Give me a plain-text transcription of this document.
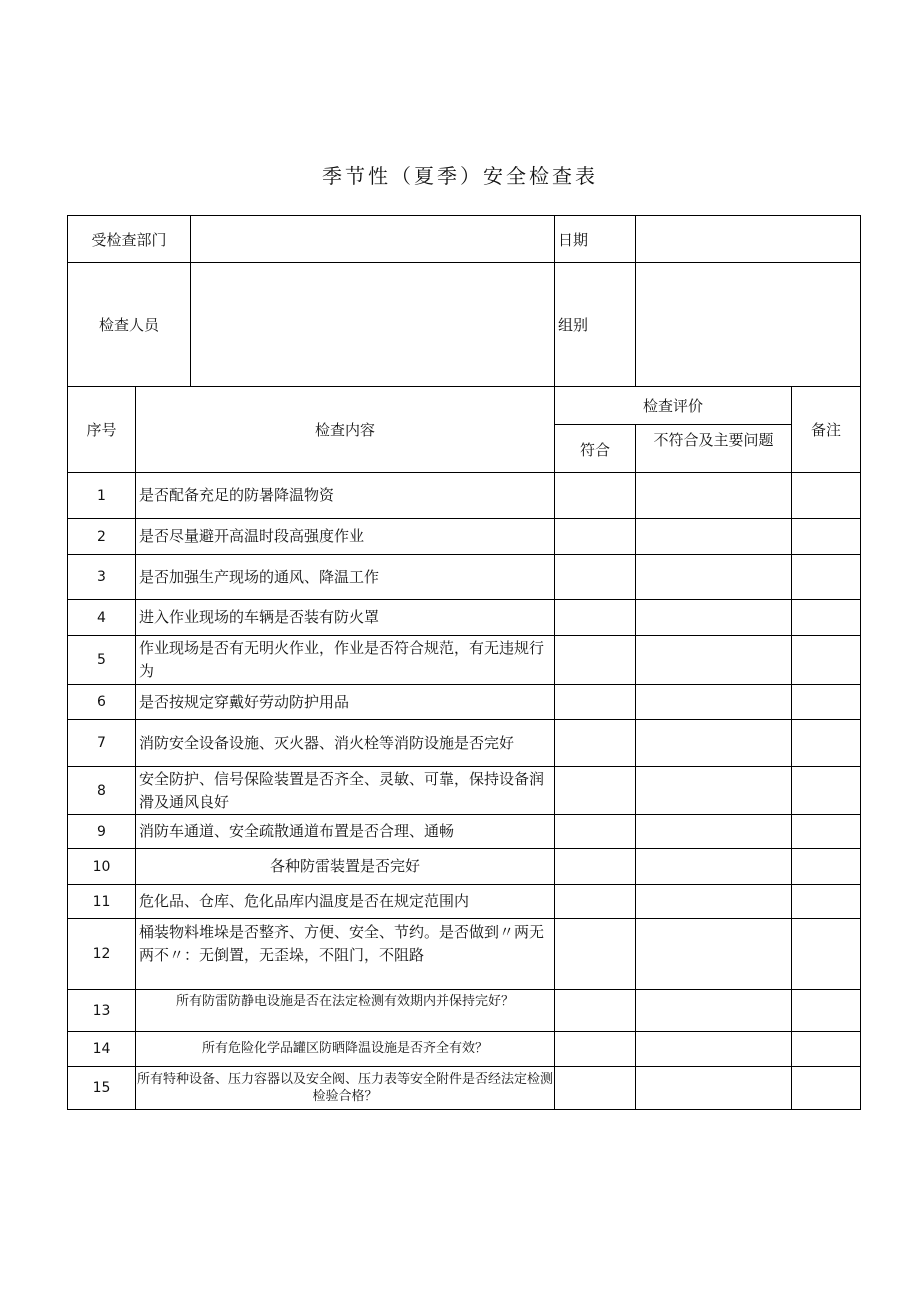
季节性（夏季）安全检查表
受检查部门			日期		
检查人员			组别		
序号	检查内容		检查评价		备注
			符合	不符合及主要问题	
1	是否配备充足的防暑降温物资				
2	是否尽量避开高温时段高强度作业				
3	是否加强生产现场的通风、降温工作				
4	进入作业现场的车辆是否装有防火罩				
5	作业现场是否有无明火作业，作业是否符合规范，有无违规行为				
6	是否按规定穿戴好劳动防护用品				
7	消防安全设备设施、灭火器、消火栓等消防设施是否完好				
8	安全防护、信号保险装置是否齐全、灵敏、可靠，保持设备润滑及通风良好				
9	消防车通道、安全疏散通道布置是否合理、通畅				
10	各种防雷装置是否完好				
11	危化品、仓库、危化品库内温度是否在规定范围内				
12	桶装物料堆垛是否整齐、方便、安全、节约。是否做到〃两无两不〃：无倒置，无歪垛，不阻门，不阻路				
13	所有防雷防静电设施是否在法定检测有效期内并保持完好？				
14	所有危险化学品罐区防晒降温设施是否齐全有效？				
15	所有特种设备、压力容器以及安全阀、压力表等安全附件是否经法定检测检验合格？				
